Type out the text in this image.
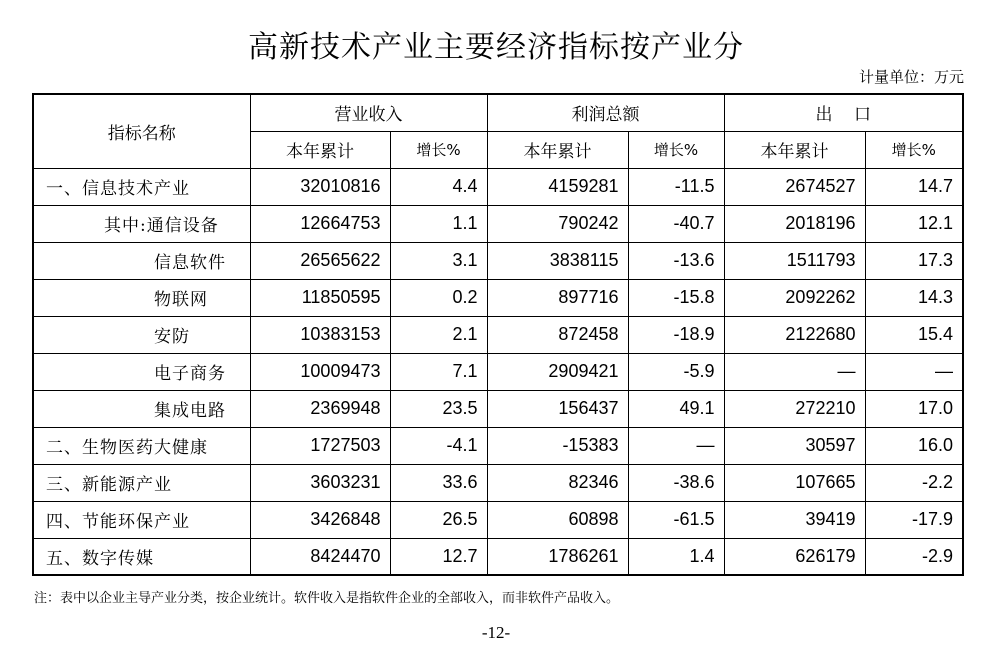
高新技术产业主要经济指标按产业分
计量单位：万元
指标名称	营业收入		利润总额		出    口	
	本年累计	增长%	本年累计	增长%	本年累计	增长%
一、信息技术产业	32010816	4.4	4159281	-11.5	2674527	14.7
其中:通信设备	12664753	1.1	790242	-40.7	2018196	12.1
信息软件	26565622	3.1	3838115	-13.6	1511793	17.3
物联网	11850595	0.2	897716	-15.8	2092262	14.3
安防	10383153	2.1	872458	-18.9	2122680	15.4
电子商务	10009473	7.1	2909421	-5.9	—	—
集成电路	2369948	23.5	156437	49.1	272210	17.0
二、生物医药大健康	1727503	-4.1	-15383	—	30597	16.0
三、新能源产业	3603231	33.6	82346	-38.6	107665	-2.2
四、节能环保产业	3426848	26.5	60898	-61.5	39419	-17.9
五、数字传媒	8424470	12.7	1786261	1.4	626179	-2.9
注：表中以企业主导产业分类，按企业统计。软件收入是指软件企业的全部收入，而非软件产品收入。
-12-
